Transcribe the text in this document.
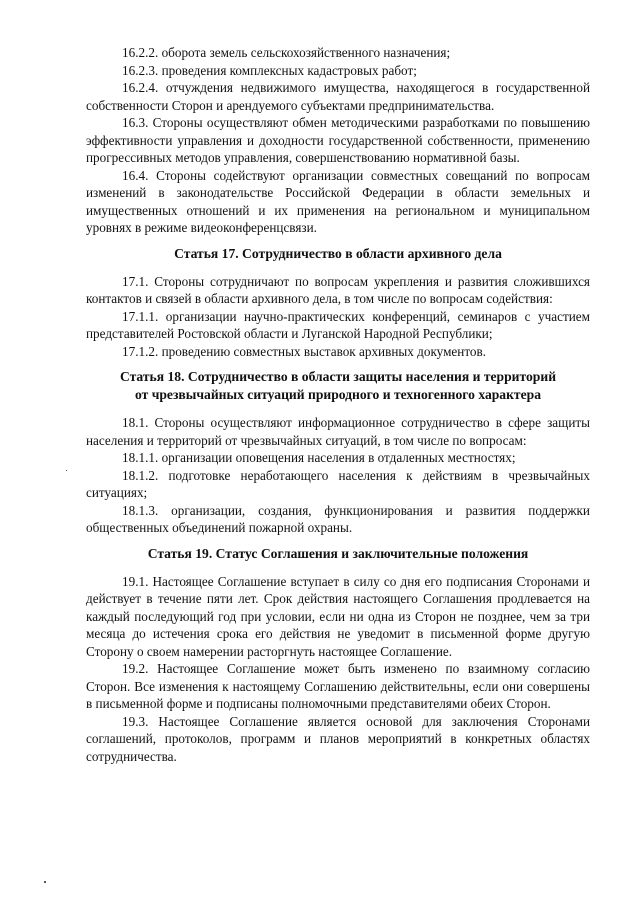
16.2.2. оборота земель сельскохозяйственного назначения;

16.2.3. проведения комплексных кадастровых работ;

16.2.4. отчуждения недвижимого имущества, находящегося в государственной собственности Сторон и арендуемого субъектами предпринимательства.

16.3. Стороны осуществляют обмен методическими разработками по повышению эффективности управления и доходности государственной собственности, применению прогрессивных методов управления, совершенствованию нормативной базы.

16.4. Стороны содействуют организации совместных совещаний по вопросам изменений в законодательстве Российской Федерации в области земельных и имущественных отношений и их применения на региональном и муниципальном уровнях в режиме видеоконференцсвязи.

Статья 17. Сотрудничество в области архивного дела

17.1. Стороны сотрудничают по вопросам укрепления и развития сложившихся контактов и связей в области архивного дела, в том числе по вопросам содействия:

17.1.1. организации научно-практических конференций, семинаров с участием представителей Ростовской области и Луганской Народной Республики;

17.1.2. проведению совместных выставок архивных документов.

Статья 18. Сотрудничество в области защиты населения и территорий
от чрезвычайных ситуаций природного и техногенного характера

18.1. Стороны осуществляют информационное сотрудничество в сфере защиты населения и территорий от чрезвычайных ситуаций, в том числе по вопросам:

18.1.1. организации оповещения населения в отдаленных местностях;

18.1.2. подготовке неработающего населения к действиям в чрезвычайных ситуациях;

18.1.3. организации, создания, функционирования и развития поддержки общественных объединений пожарной охраны.

Статья 19. Статус Соглашения и заключительные положения

19.1. Настоящее Соглашение вступает в силу со дня его подписания Сторонами и действует в течение пяти лет. Срок действия настоящего Соглашения продлевается на каждый последующий год при условии, если ни одна из Сторон не позднее, чем за три месяца до истечения срока его действия не уведомит в письменной форме другую Сторону о своем намерении расторгнуть настоящее Соглашение.

19.2. Настоящее Соглашение может быть изменено по взаимному согласию Сторон. Все изменения к настоящему Соглашению действительны, если они совершены в письменной форме и подписаны полномочными представителями обеих Сторон.

19.3. Настоящее Соглашение является основой для заключения Сторонами соглашений, протоколов, программ и планов мероприятий в конкретных областях сотрудничества.
